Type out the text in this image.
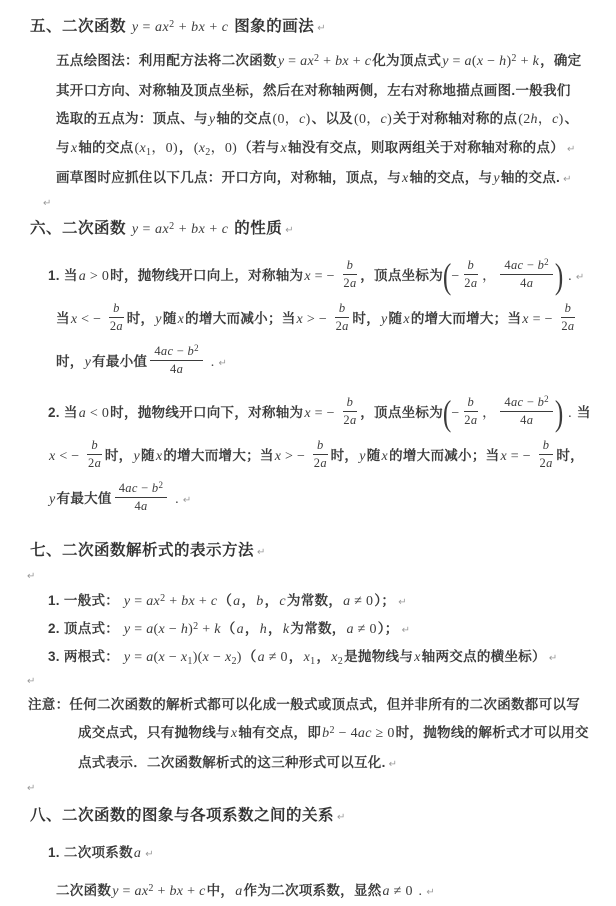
五、二次函数 $y = ax^2$ + bx + c 图象的画法 ↵
五点绘图法：利用配方法将二次函数$y = ax^2$ + bx + c化为顶点式$y = a(x - h)^2 + k$，确定
其开口方向、对称轴及顶点坐标，然后在对称轴两侧，左右对称地描点画图.一般我们
选取的五点为：顶点、与y轴的交点(0，c)、以及(0，c)关于对称轴对称的点(2h，c)、
与x轴的交点(x1，0)，(x2，0)（若与x轴没有交点，则取两组关于对称轴对称的点） ↵
画草图时应抓住以下几点：开口方向，对称轴，顶点，与x轴的交点，与y轴的交点. ↵
↵
六、二次函数 $y = ax^2$ + bx + c 的性质 ↵
1. 当a > 0时，抛物线开口向上，对称轴为x = − $\frac{b}{2a}$ ，顶点坐标为 ( − $\frac{b}{2a}$ ， $\frac{4ac - b^2}{4a}$ ) . ↵
当x < − $\frac{b}{2a}$ 时，y随x的增大而减小；当x > − $\frac{b}{2a}$ 时，y随x的增大而增大；当x = − $\frac{b}{2a}$
时，y有最小值 $\frac{4ac - b^2}{4a}$ . ↵
2. 当a < 0时，抛物线开口向下，对称轴为x = − $\frac{b}{2a}$ ，顶点坐标为 ( − $\frac{b}{2a}$ ， $\frac{4ac - b^2}{4a}$ ) . 当
x < − $\frac{b}{2a}$ 时，y随x的增大而增大；当x > − $\frac{b}{2a}$ 时，y随x的增大而减小；当x = − $\frac{b}{2a}$ 时，
y有最大值 $\frac{4ac - b^2}{4a}$ . ↵
七、二次函数解析式的表示方法 ↵
↵
1. 一般式： $y = ax^2$ + bx + c（a，b，c为常数，a ≠ 0）； ↵
2. 顶点式： $y = a(x - h)^2 + k(a$，h，k为常数，a ≠ 0）； ↵
3. 两根式： y = a(x − x1)(x − x2)（a ≠ 0，x1，x2是抛物线与x轴两交点的横坐标） ↵
↵
注意：任何二次函数的解析式都可以化成一般式或顶点式，但并非所有的二次函数都可以写
成交点式，只有抛物线与x轴有交点，即$b^2 - 4ac \ge 0$时，抛物线的解析式才可以用交
点式表示．二次函数解析式的这三种形式可以互化. ↵
↵
八、二次函数的图象与各项系数之间的关系 ↵
1. 二次项系数a ↵
二次函数$y = ax^2$ + bx + c中，a作为二次项系数，显然a ≠ 0 . ↵
